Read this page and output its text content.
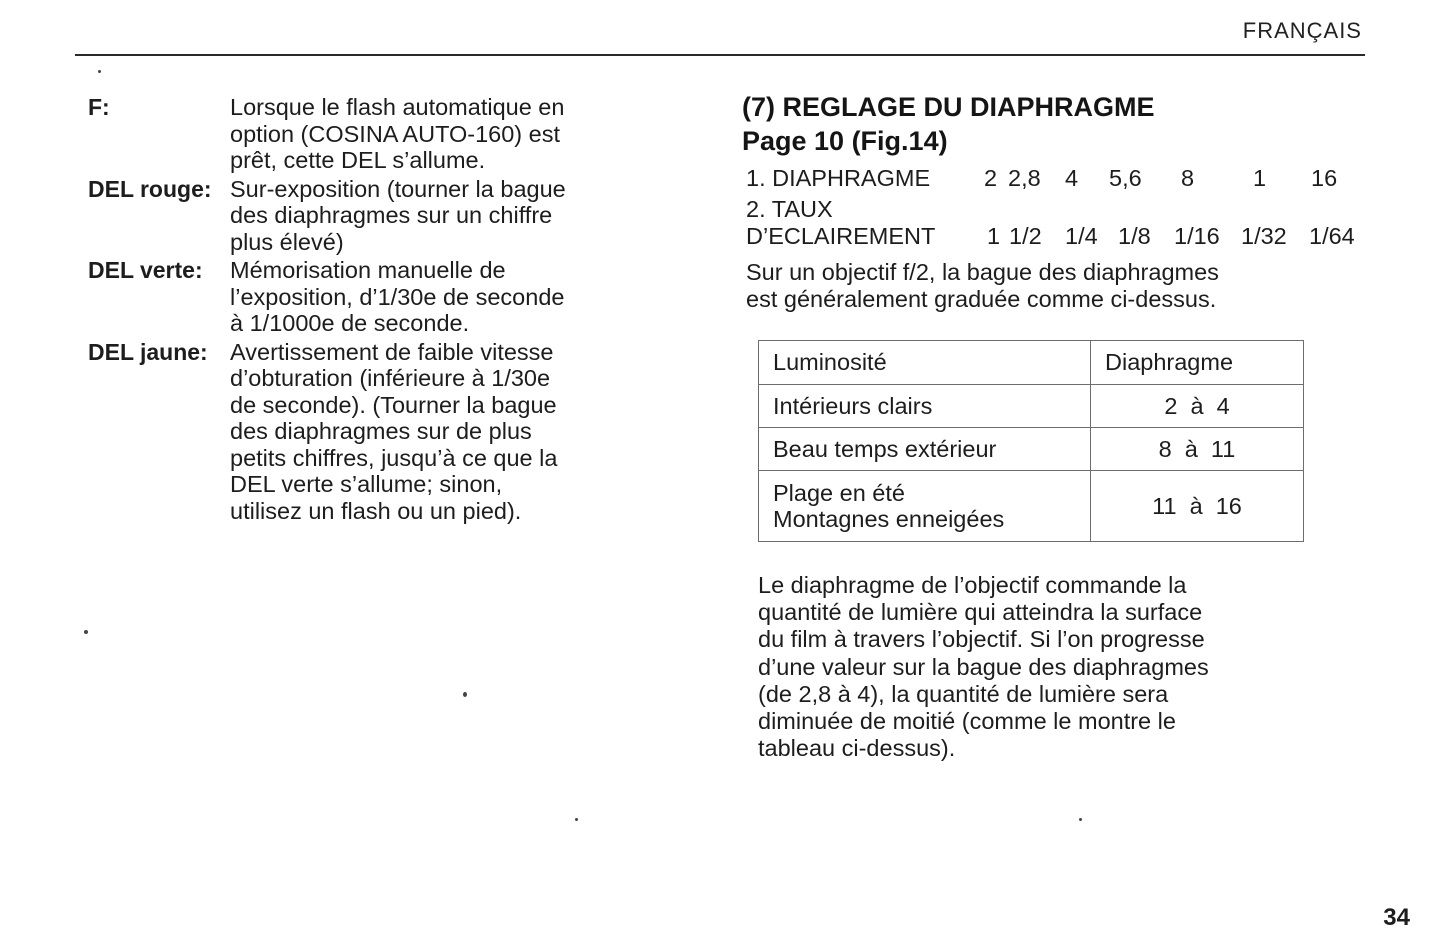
FRANÇAIS
F:	Lorsque le flash automatique en
option (COSINA AUTO-160) est
prêt, cette DEL s’allume.
DEL rouge: Sur-exposition (tourner la bague
des diaphragmes sur un chiffre
plus élevé)
DEL verte:	Mémorisation manuelle de
l’exposition, d’1/30e de seconde
à 1/1000e de seconde.
DEL jaune: Avertissement de faible vitesse
d’obturation (inférieure à 1/30e
de seconde). (Tourner la bague
des diaphragmes sur de plus
petits chiffres, jusqu’à ce que la
DEL verte s’allume; sinon,
utilisez un flash ou un pied).
(7) REGLAGE DU DIAPHRAGME
Page 10 (Fig.14)
1. DIAPHRAGME	2 2,8	4	5,6	8	1	16
2. TAUX
D’ECLAIREMENT	1 1/2 1/4 1/8 1/16 1/32 1/64
Sur un objectif f/2, la bague des diaphragmes
est généralement graduée comme ci-dessus.
Luminosité	Diaphragme

Intérieurs clairs	2  à  4

Beau temps extérieur	8  à  11

Plage en été
Montagnes enneigées	11  à  16
Le diaphragme de l’objectif commande la
quantité de lumière qui atteindra la surface
du film à travers l’objectif. Si l’on progresse
d’une valeur sur la bague des diaphragmes
(de 2,8 à 4), la quantité de lumière sera
diminuée de moitié (comme le montre le
tableau ci-dessus).
34
